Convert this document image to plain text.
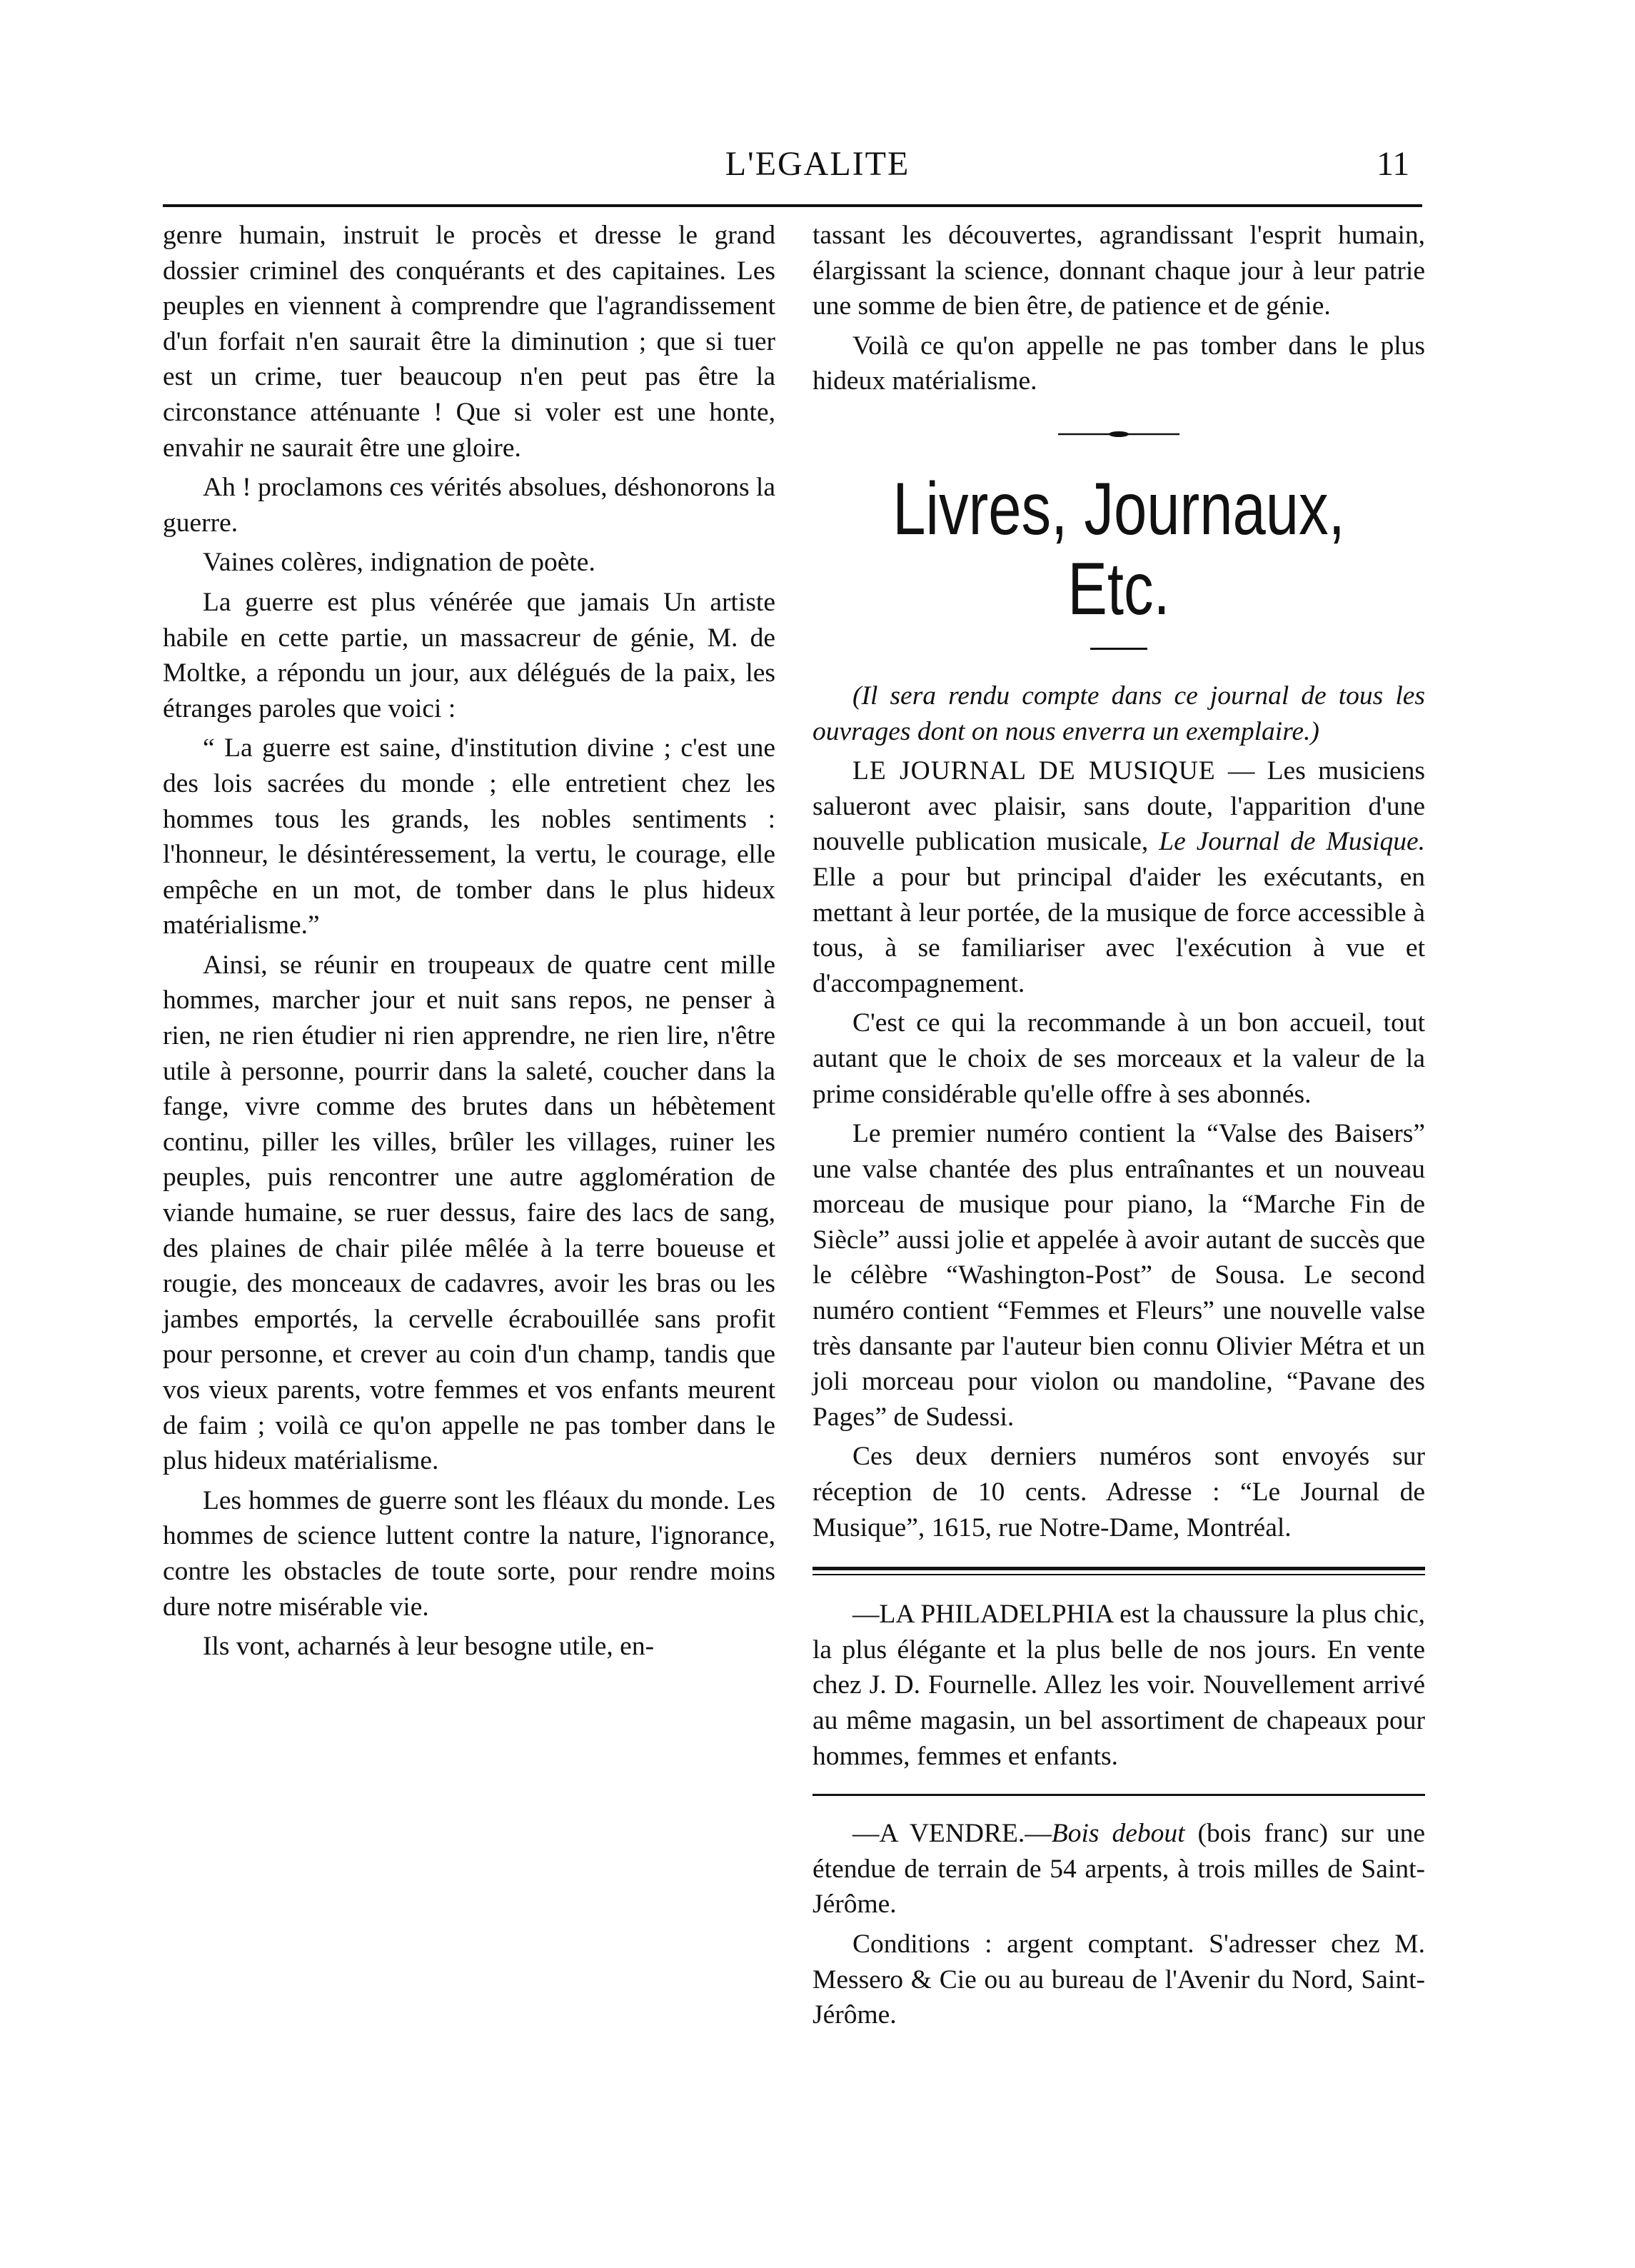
L'EGALITE	11

genre humain, instruit le procès et dresse le grand dossier criminel des conquérants et des capitaines. Les peuples en viennent à comprendre que l'agrandissement d'un forfait n'en saurait être la diminution ; que si tuer est un crime, tuer beaucoup n'en peut pas être la circonstance atténuante ! Que si voler est une honte, envahir ne saurait être une gloire.

Ah ! proclamons ces vérités absolues, déshonorons la guerre.

Vaines colères, indignation de poète.

La guerre est plus vénérée que jamais Un artiste habile en cette partie, un massacreur de génie, M. de Moltke, a répondu un jour, aux délégués de la paix, les étranges paroles que voici :

“ La guerre est saine, d'institution divine ; c'est une des lois sacrées du monde ; elle entretient chez les hommes tous les grands, les nobles sentiments : l'honneur, le désintéressement, la vertu, le courage, elle empêche en un mot, de tomber dans le plus hideux matérialisme.”

Ainsi, se réunir en troupeaux de quatre cent mille hommes, marcher jour et nuit sans repos, ne penser à rien, ne rien étudier ni rien apprendre, ne rien lire, n'être utile à personne, pourrir dans la saleté, coucher dans la fange, vivre comme des brutes dans un hébètement continu, piller les villes, brûler les villages, ruiner les peuples, puis rencontrer une autre agglomération de viande humaine, se ruer dessus, faire des lacs de sang, des plaines de chair pilée mêlée à la terre boueuse et rougie, des monceaux de cadavres, avoir les bras ou les jambes emportés, la cervelle écrabouillée sans profit pour personne, et crever au coin d'un champ, tandis que vos vieux parents, votre femmes et vos enfants meurent de faim ; voilà ce qu'on appelle ne pas tomber dans le plus hideux matérialisme.

Les hommes de guerre sont les fléaux du monde. Les hommes de science luttent contre la nature, l'ignorance, contre les obstacles de toute sorte, pour rendre moins dure notre misérable vie.

Ils vont, acharnés à leur besogne utile, en-

tassant les découvertes, agrandissant l'esprit humain, élargissant la science, donnant chaque jour à leur patrie une somme de bien être, de patience et de génie.

Voilà ce qu'on appelle ne pas tomber dans le plus hideux matérialisme.

Livres, Journaux, Etc.

(Il sera rendu compte dans ce journal de tous les ouvrages dont on nous enverra un exemplaire.)

LE JOURNAL DE MUSIQUE — Les musiciens salueront avec plaisir, sans doute, l'apparition d'une nouvelle publication musicale, Le Journal de Musique. Elle a pour but principal d'aider les exécutants, en mettant à leur portée, de la musique de force accessible à tous, à se familiariser avec l'exécution à vue et d'accompagnement.

C'est ce qui la recommande à un bon accueil, tout autant que le choix de ses morceaux et la valeur de la prime considérable qu'elle offre à ses abonnés.

Le premier numéro contient la “Valse des Baisers” une valse chantée des plus entraînantes et un nouveau morceau de musique pour piano, la “Marche Fin de Siècle” aussi jolie et appelée à avoir autant de succès que le célèbre “Washington-Post” de Sousa. Le second numéro contient “Femmes et Fleurs” une nouvelle valse très dansante par l'auteur bien connu Olivier Métra et un joli morceau pour violon ou mandoline, “Pavane des Pages” de Sudessi.

Ces deux derniers numéros sont envoyés sur réception de 10 cents. Adresse : “Le Journal de Musique”, 1615, rue Notre-Dame, Montréal.

—LA PHILADELPHIA est la chaussure la plus chic, la plus élégante et la plus belle de nos jours. En vente chez J. D. Fournelle. Allez les voir. Nouvellement arrivé au même magasin, un bel assortiment de chapeaux pour hommes, femmes et enfants.

—A VENDRE.—Bois debout (bois franc) sur une étendue de terrain de 54 arpents, à trois milles de Saint-Jérôme.

Conditions : argent comptant. S'adresser chez M. Messero & Cie ou au bureau de l'Avenir du Nord, Saint-Jérôme.
